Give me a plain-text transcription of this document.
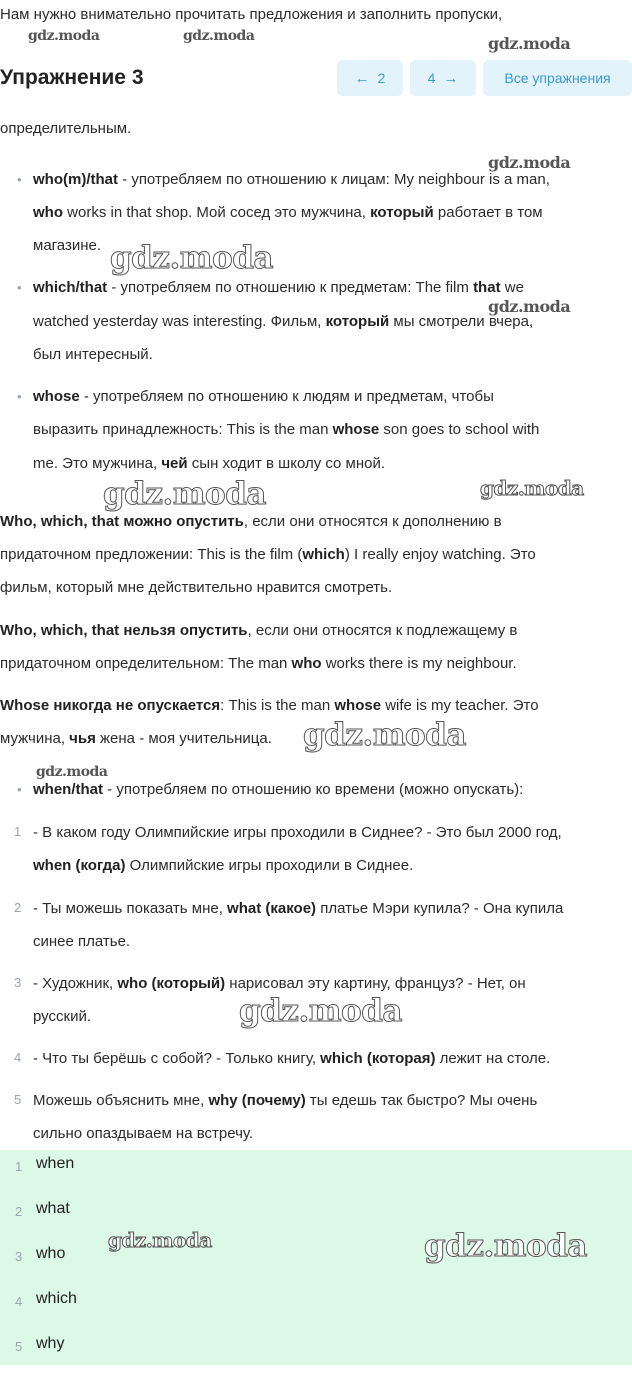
Нам нужно внимательно прочитать предложения и заполнить пропуски,
Упражнение 3	← 2	4 →	Все упражнения
определительным.
• who(m)/that - употребляем по отношению к лицам: My neighbour is a man,
who works in that shop. Мой сосед это мужчина, который работает в том
магазине.
• which/that - употребляем по отношению к предметам: The film that we
watched yesterday was interesting. Фильм, который мы смотрели вчера,
был интересный.
• whose - употребляем по отношению к людям и предметам, чтобы
выразить принадлежность: This is the man whose son goes to school with
me. Это мужчина, чей сын ходит в школу со мной.
Who, which, that можно опустить, если они относятся к дополнению в
придаточном предложении: This is the film (which) I really enjoy watching. Это
фильм, который мне действительно нравится смотреть.
Who, which, that нельзя опустить, если они относятся к подлежащему в
придаточном определительном: The man who works there is my neighbour.
Whose никогда не опускается: This is the man whose wife is my teacher. Это
мужчина, чья жена - моя учительница.
• when/that - употребляем по отношению ко времени (можно опускать):
1 - В каком году Олимпийские игры проходили в Сиднее? - Это был 2000 год,
when (когда) Олимпийские игры проходили в Сиднее.
2 - Ты можешь показать мне, what (какое) платье Мэри купила? - Она купила
синее платье.
3 - Художник, who (который) нарисовал эту картину, француз? - Нет, он
русский.
4 - Что ты берёшь с собой? - Только книгу, which (которая) лежит на столе.
5 Можешь объяснить мне, why (почему) ты едешь так быстро? Мы очень
сильно опаздываем на встречу.
1 when
2 what
3 who
4 which
5 why
gdz.moda	gdz.moda	gdz.moda
gdz.moda
gdz.moda
gdz.moda
gdz.moda	gdz.moda
gdz.moda
gdz.moda
gdz.moda
gdz.moda	gdz.moda
